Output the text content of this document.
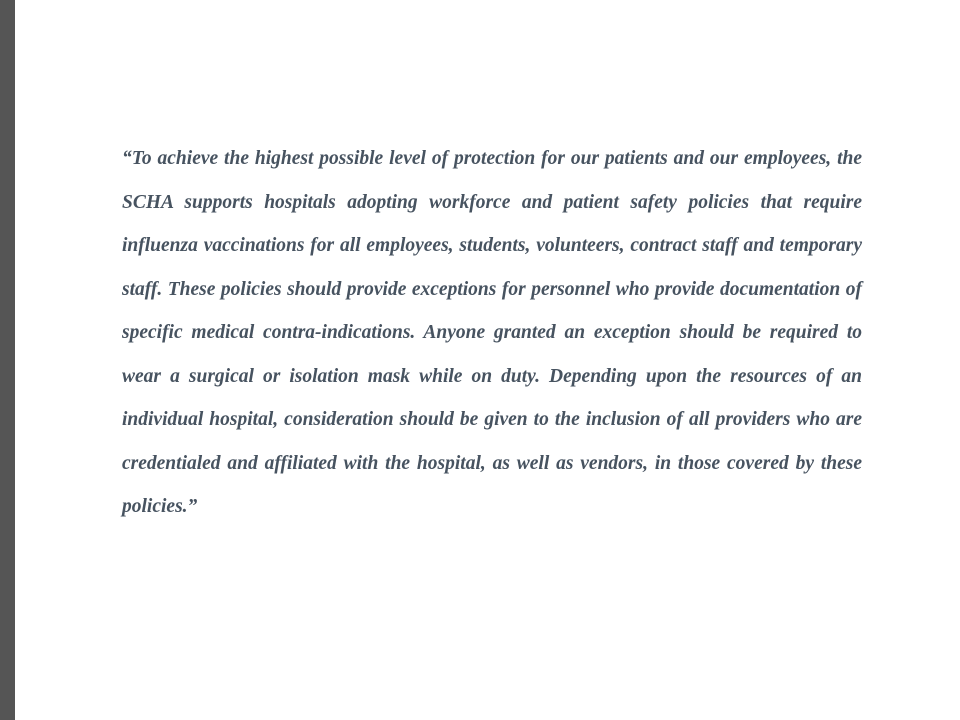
“To achieve the highest possible level of protection for our patients and our employees, the SCHA supports hospitals adopting workforce and patient safety policies that require influenza vaccinations for all employees, students, volunteers, contract staff and temporary staff. These policies should provide exceptions for personnel who provide documentation of specific medical contra-indications. Anyone granted an exception should be required to wear a surgical or isolation mask while on duty. Depending upon the resources of an individual hospital, consideration should be given to the inclusion of all providers who are credentialed and affiliated with the hospital, as well as vendors, in those covered by these policies.”
